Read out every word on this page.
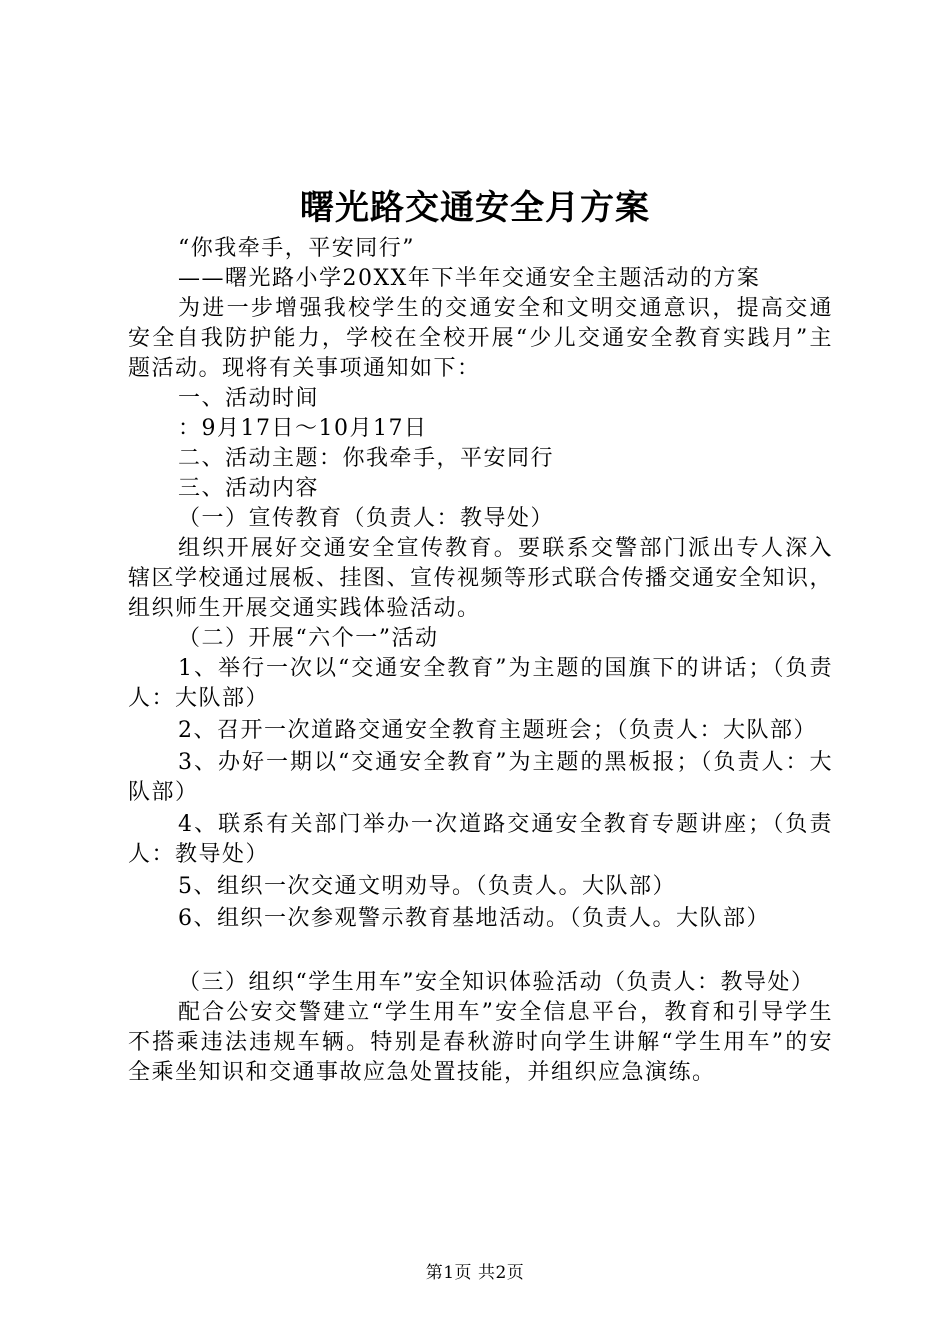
曙光路交通安全月方案

“你我牵手，平安同行”

——曙光路小学20XX年下半年交通安全主题活动的方案

为进一步增强我校学生的交通安全和文明交通意识，提高交通安全自我防护能力，学校在全校开展“少儿交通安全教育实践月”主题活动。现将有关事项通知如下：

一、活动时间

：9月17日～10月17日

二、活动主题：你我牵手，平安同行

三、活动内容

（一）宣传教育（负责人：教导处）

组织开展好交通安全宣传教育。要联系交警部门派出专人深入辖区学校通过展板、挂图、宣传视频等形式联合传播交通安全知识，组织师生开展交通实践体验活动。

（二）开展“六个一”活动

1、举行一次以“交通安全教育”为主题的国旗下的讲话；（负责人：大队部）

2、召开一次道路交通安全教育主题班会；（负责人：大队部）

3、办好一期以“交通安全教育”为主题的黑板报；（负责人：大队部）

4、联系有关部门举办一次道路交通安全教育专题讲座；（负责人：教导处）

5、组织一次交通文明劝导。（负责人。大队部）

6、组织一次参观警示教育基地活动。（负责人。大队部）

（三）组织“学生用车”安全知识体验活动（负责人：教导处）

配合公安交警建立“学生用车”安全信息平台，教育和引导学生不搭乘违法违规车辆。特别是春秋游时向学生讲解“学生用车”的安全乘坐知识和交通事故应急处置技能，并组织应急演练。

第1页 共2页
